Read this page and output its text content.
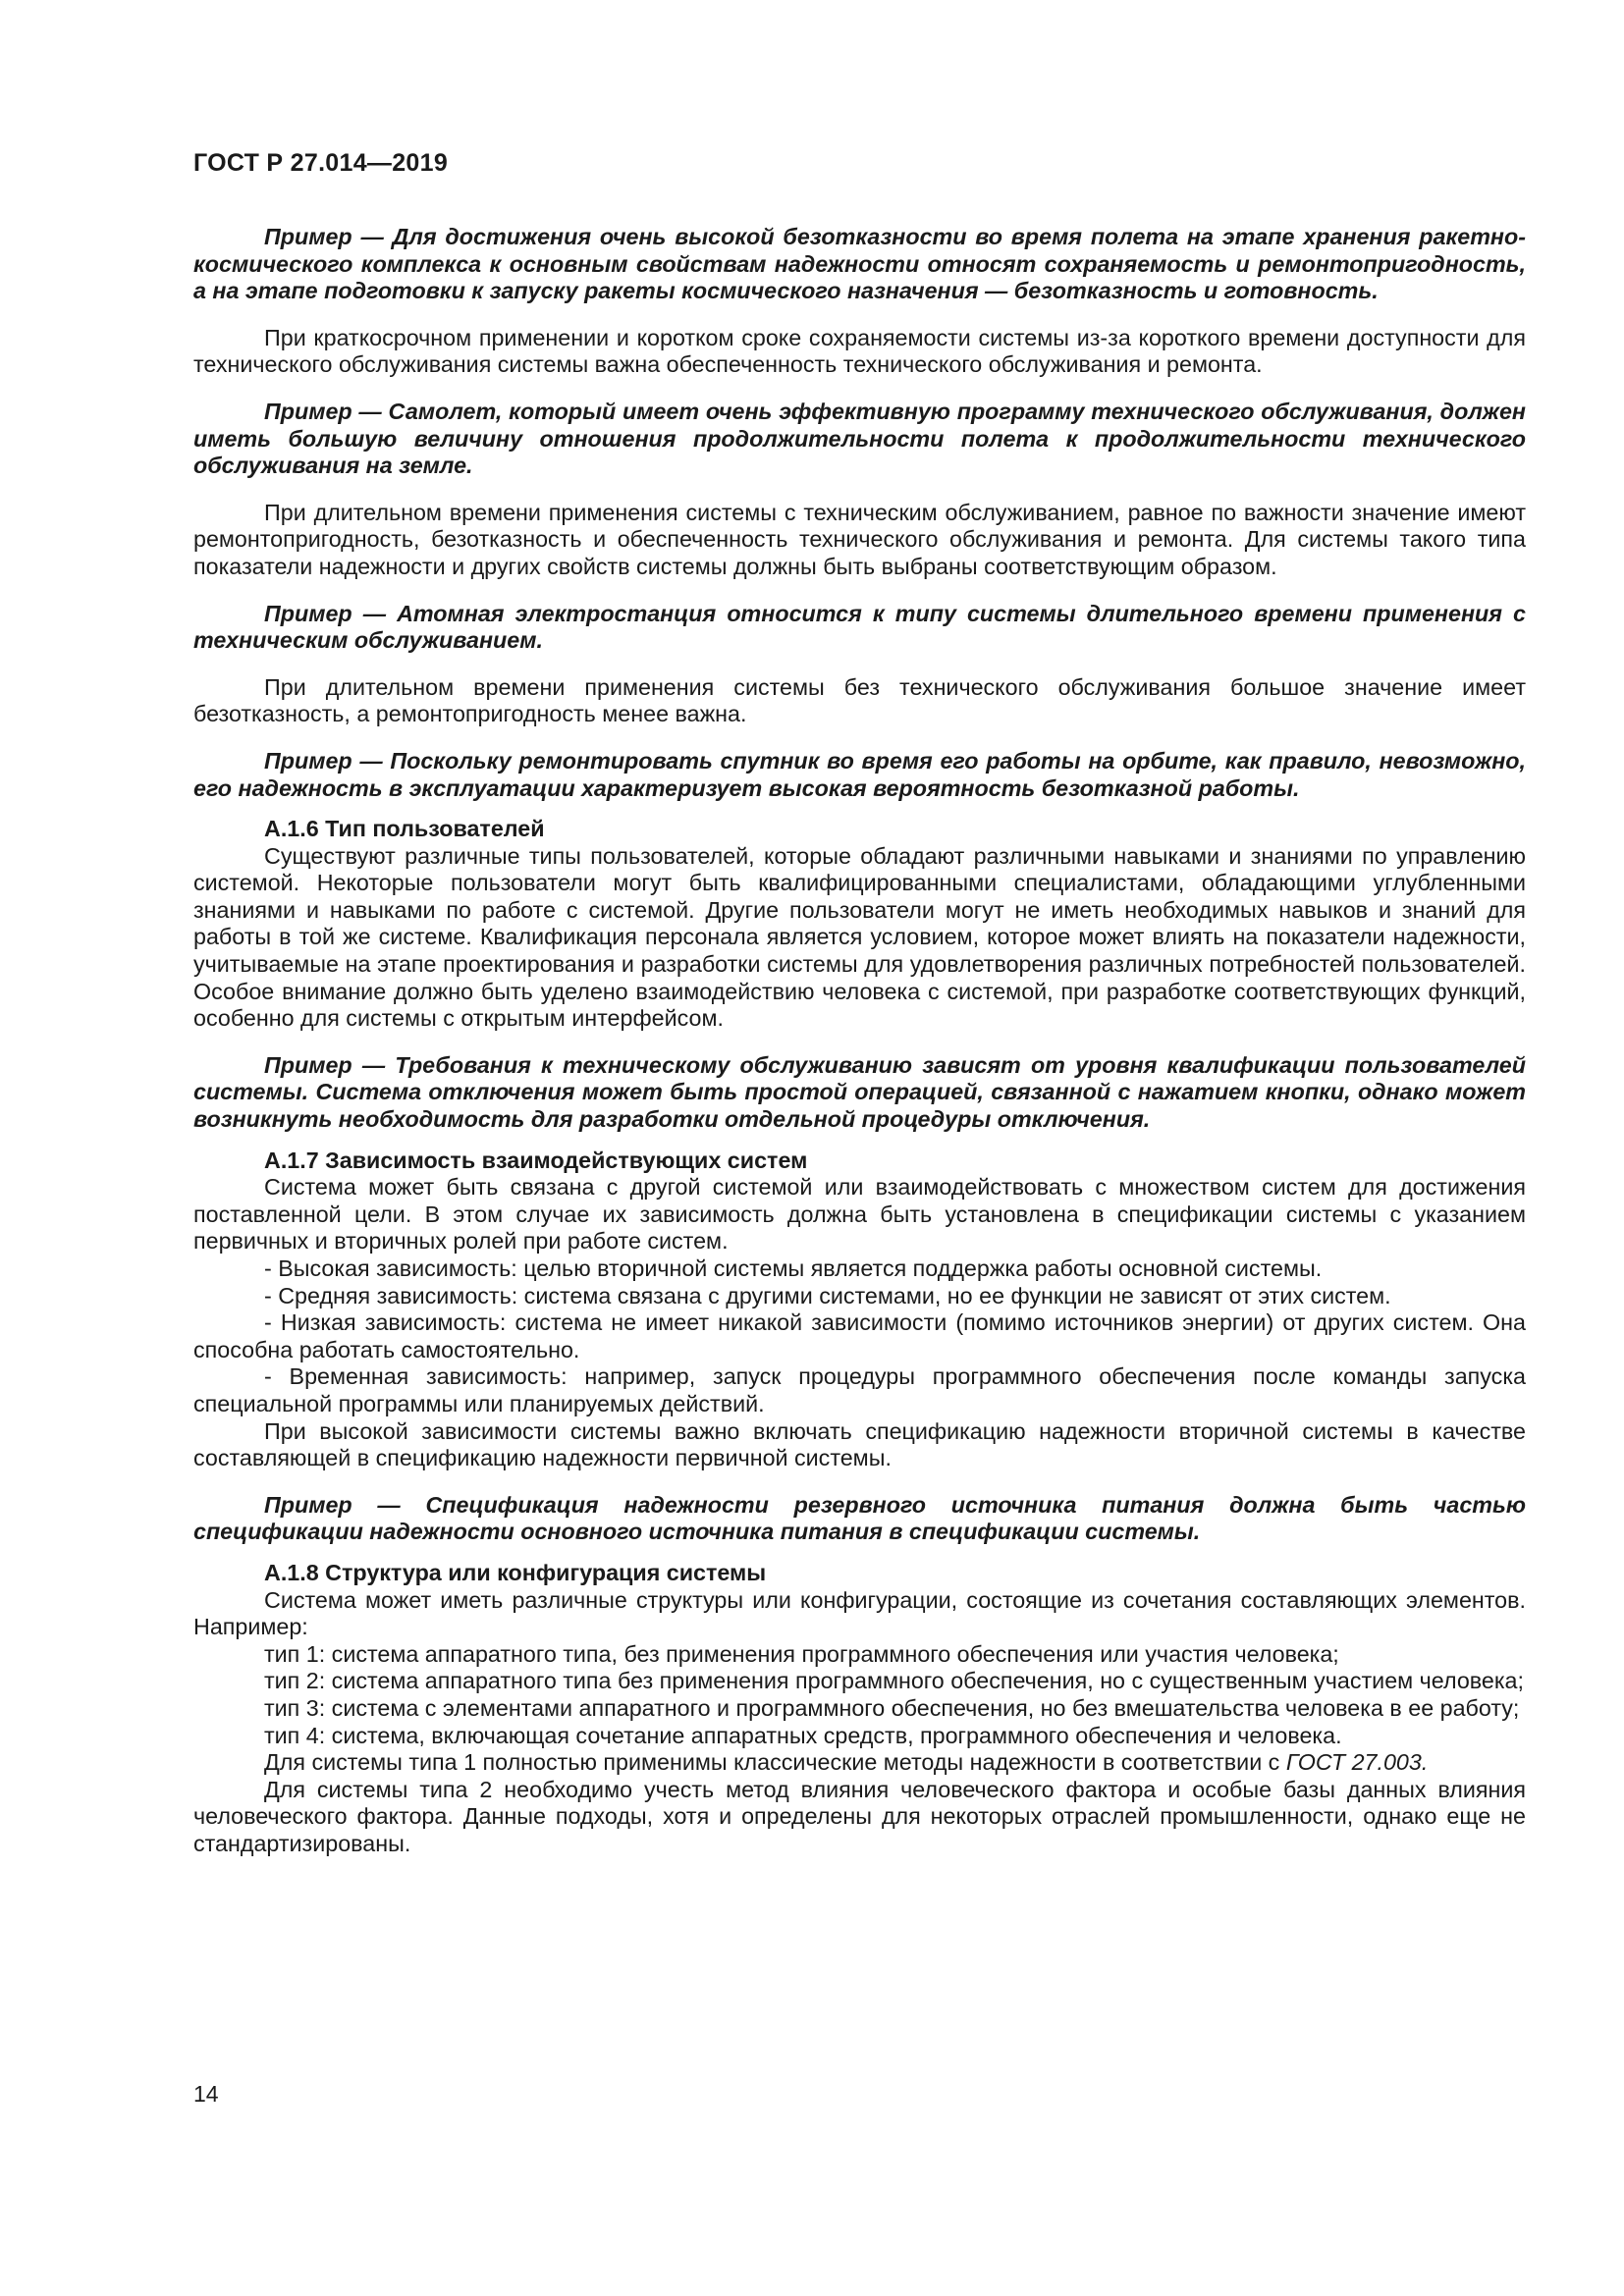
ГОСТ Р 27.014—2019

Пример — Для достижения очень высокой безотказности во время полета на этапе хранения ракетно-космического комплекса к основным свойствам надежности относят сохраняемость и ремонтопригодность, а на этапе подготовки к запуску ракеты космического назначения — безотказность и готовность.

При краткосрочном применении и коротком сроке сохраняемости системы из-за короткого времени доступности для технического обслуживания системы важна обеспеченность технического обслуживания и ремонта.

Пример — Самолет, который имеет очень эффективную программу технического обслуживания, должен иметь большую величину отношения продолжительности полета к продолжительности технического обслуживания на земле.

При длительном времени применения системы с техническим обслуживанием, равное по важности значение имеют ремонтопригодность, безотказность и обеспеченность технического обслуживания и ремонта. Для системы такого типа показатели надежности и других свойств системы должны быть выбраны соответствующим образом.

Пример — Атомная электростанция относится к типу системы длительного времени применения с техническим обслуживанием.

При длительном времени применения системы без технического обслуживания большое значение имеет безотказность, а ремонтопригодность менее важна.

Пример — Поскольку ремонтировать спутник во время его работы на орбите, как правило, невозможно, его надежность в эксплуатации характеризует высокая вероятность безотказной работы.

А.1.6 Тип пользователей

Существуют различные типы пользователей, которые обладают различными навыками и знаниями по управлению системой. Некоторые пользователи могут быть квалифицированными специалистами, обладающими углубленными знаниями и навыками по работе с системой. Другие пользователи могут не иметь необходимых навыков и знаний для работы в той же системе. Квалификация персонала является условием, которое может влиять на показатели надежности, учитываемые на этапе проектирования и разработки системы для удовлетворения различных потребностей пользователей. Особое внимание должно быть уделено взаимодействию человека с системой, при разработке соответствующих функций, особенно для системы с открытым интерфейсом.

Пример — Требования к техническому обслуживанию зависят от уровня квалификации пользователей системы. Система отключения может быть простой операцией, связанной с нажатием кнопки, однако может возникнуть необходимость для разработки отдельной процедуры отключения.

А.1.7 Зависимость взаимодействующих систем

Система может быть связана с другой системой или взаимодействовать с множеством систем для достижения поставленной цели. В этом случае их зависимость должна быть установлена в спецификации системы с указанием первичных и вторичных ролей при работе систем.

- Высокая зависимость: целью вторичной системы является поддержка работы основной системы.

- Средняя зависимость: система связана с другими системами, но ее функции не зависят от этих систем.

- Низкая зависимость: система не имеет никакой зависимости (помимо источников энергии) от других систем. Она способна работать самостоятельно.

- Временная зависимость: например, запуск процедуры программного обеспечения после команды запуска специальной программы или планируемых действий.

При высокой зависимости системы важно включать спецификацию надежности вторичной системы в качестве составляющей в спецификацию надежности первичной системы.

Пример — Спецификация надежности резервного источника питания должна быть частью спецификации надежности основного источника питания в спецификации системы.

А.1.8 Структура или конфигурация системы

Система может иметь различные структуры или конфигурации, состоящие из сочетания составляющих элементов. Например:

тип 1: система аппаратного типа, без применения программного обеспечения или участия человека;

тип 2: система аппаратного типа без применения программного обеспечения, но с существенным участием человека;

тип 3: система с элементами аппаратного и программного обеспечения, но без вмешательства человека в ее работу;

тип 4: система, включающая сочетание аппаратных средств, программного обеспечения и человека.

Для системы типа 1 полностью применимы классические методы надежности в соответствии с ГОСТ 27.003.

Для системы типа 2 необходимо учесть метод влияния человеческого фактора и особые базы данных влияния человеческого фактора. Данные подходы, хотя и определены для некоторых отраслей промышленности, однако еще не стандартизированы.

14
